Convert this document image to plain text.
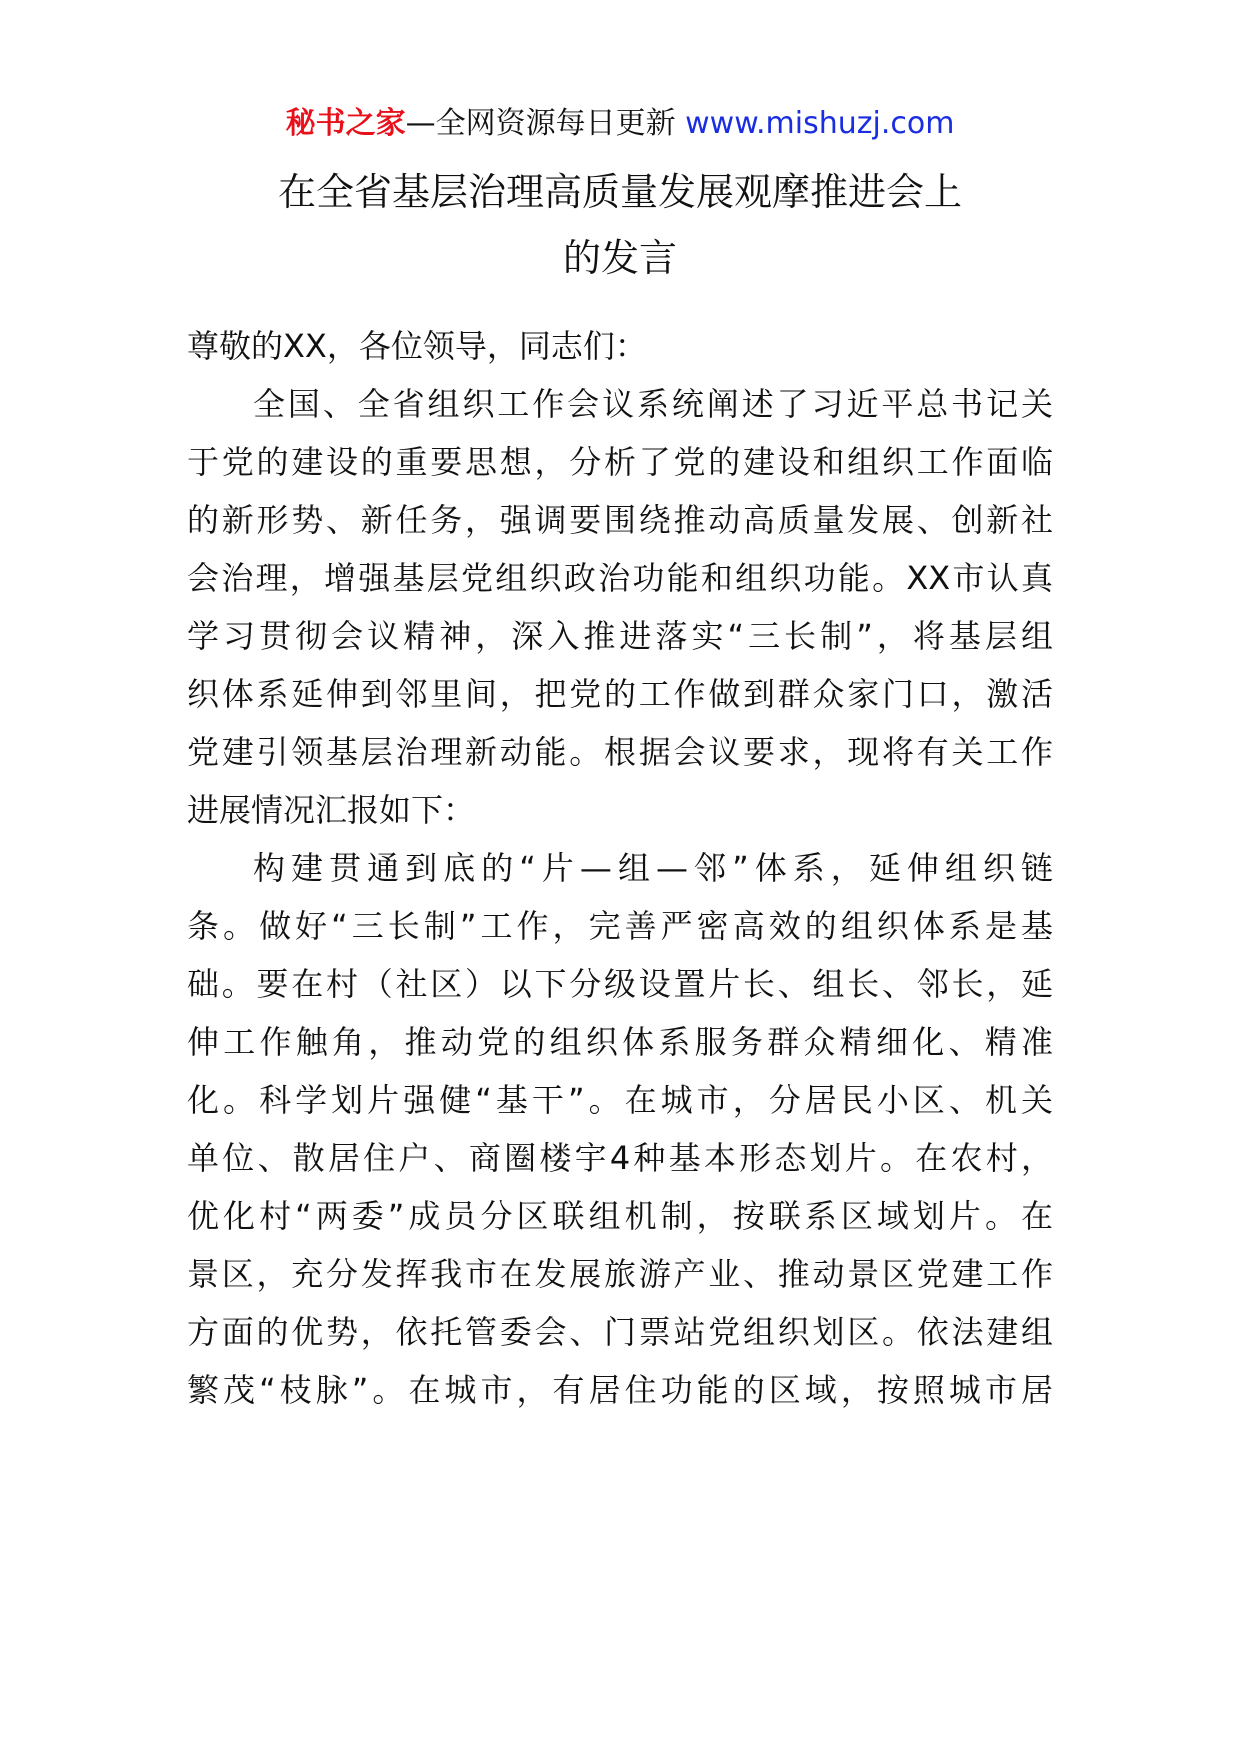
秘书之家—全网资源每日更新 www.mishuzj.com
在全省基层治理高质量发展观摩推进会上
的发言
尊敬的XX，各位领导，同志们：
全国、全省组织工作会议系统阐述了习近平总书记关
于党的建设的重要思想，分析了党的建设和组织工作面临
的新形势、新任务，强调要围绕推动高质量发展、创新社
会治理，增强基层党组织政治功能和组织功能。XX市认真
学习贯彻会议精神，深入推进落实“三长制”，将基层组
织体系延伸到邻里间，把党的工作做到群众家门口，激活
党建引领基层治理新动能。根据会议要求，现将有关工作
进展情况汇报如下：
构建贯通到底的“片—组—邻”体系，延伸组织链
条。做好“三长制”工作，完善严密高效的组织体系是基
础。要在村（社区）以下分级设置片长、组长、邻长，延
伸工作触角，推动党的组织体系服务群众精细化、精准
化。科学划片强健“基干”。在城市，分居民小区、机关
单位、散居住户、商圈楼宇4种基本形态划片。在农村，
优化村“两委”成员分区联组机制，按联系区域划片。在
景区，充分发挥我市在发展旅游产业、推动景区党建工作
方面的优势，依托管委会、门票站党组织划区。依法建组
繁茂“枝脉”。在城市，有居住功能的区域，按照城市居
